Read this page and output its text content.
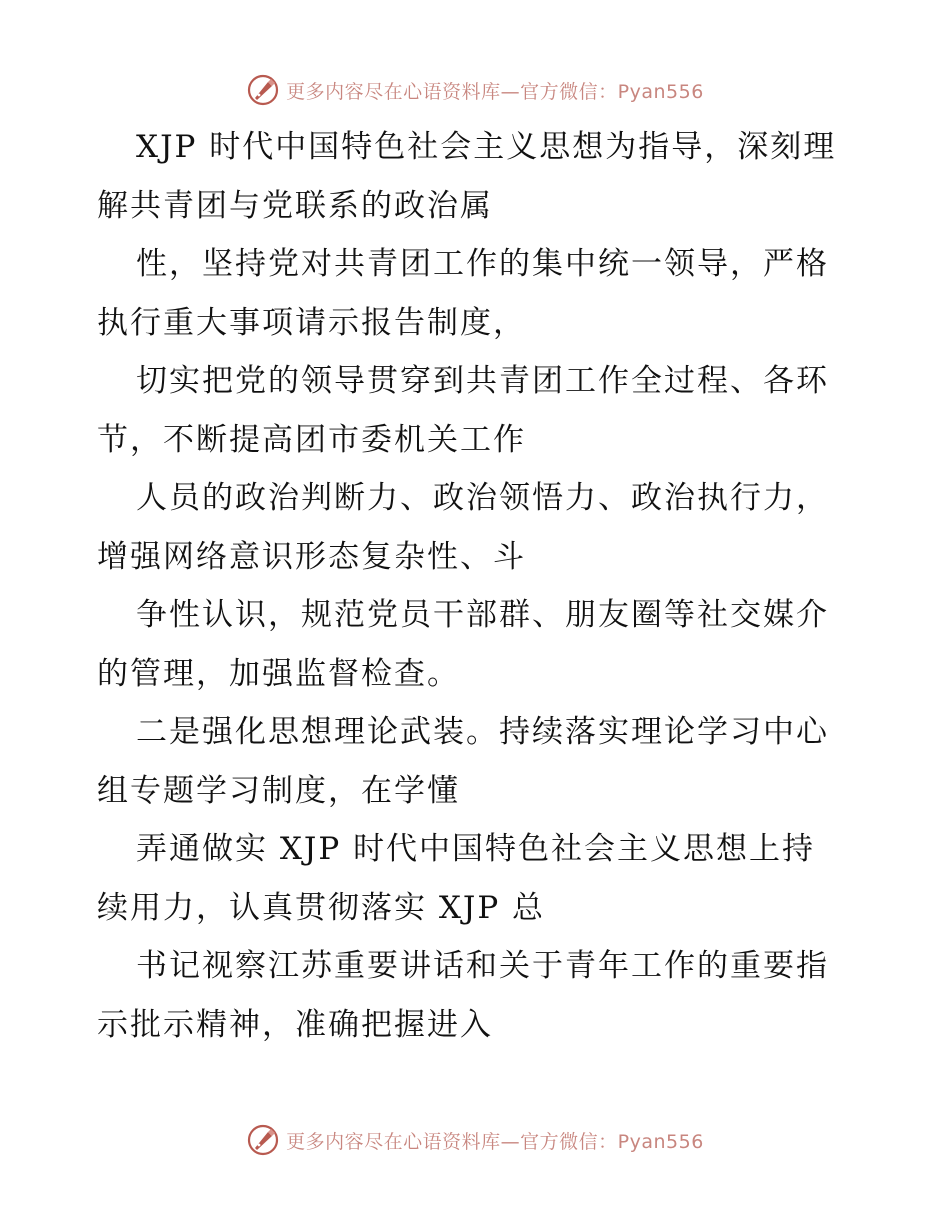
更多内容尽在心语资料库—官方微信：Pyan556
XJP 时代中国特色社会主义思想为指导，深刻理
解共青团与党联系的政治属
性，坚持党对共青团工作的集中统一领导，严格
执行重大事项请示报告制度，
切实把党的领导贯穿到共青团工作全过程、各环
节，不断提高团市委机关工作
人员的政治判断力、政治领悟力、政治执行力，
增强网络意识形态复杂性、斗
争性认识，规范党员干部群、朋友圈等社交媒介
的管理，加强监督检查。
二是强化思想理论武装。持续落实理论学习中心
组专题学习制度，在学懂
弄通做实 XJP 时代中国特色社会主义思想上持
续用力，认真贯彻落实 XJP 总
书记视察江苏重要讲话和关于青年工作的重要指
示批示精神，准确把握进入
更多内容尽在心语资料库—官方微信：Pyan556
